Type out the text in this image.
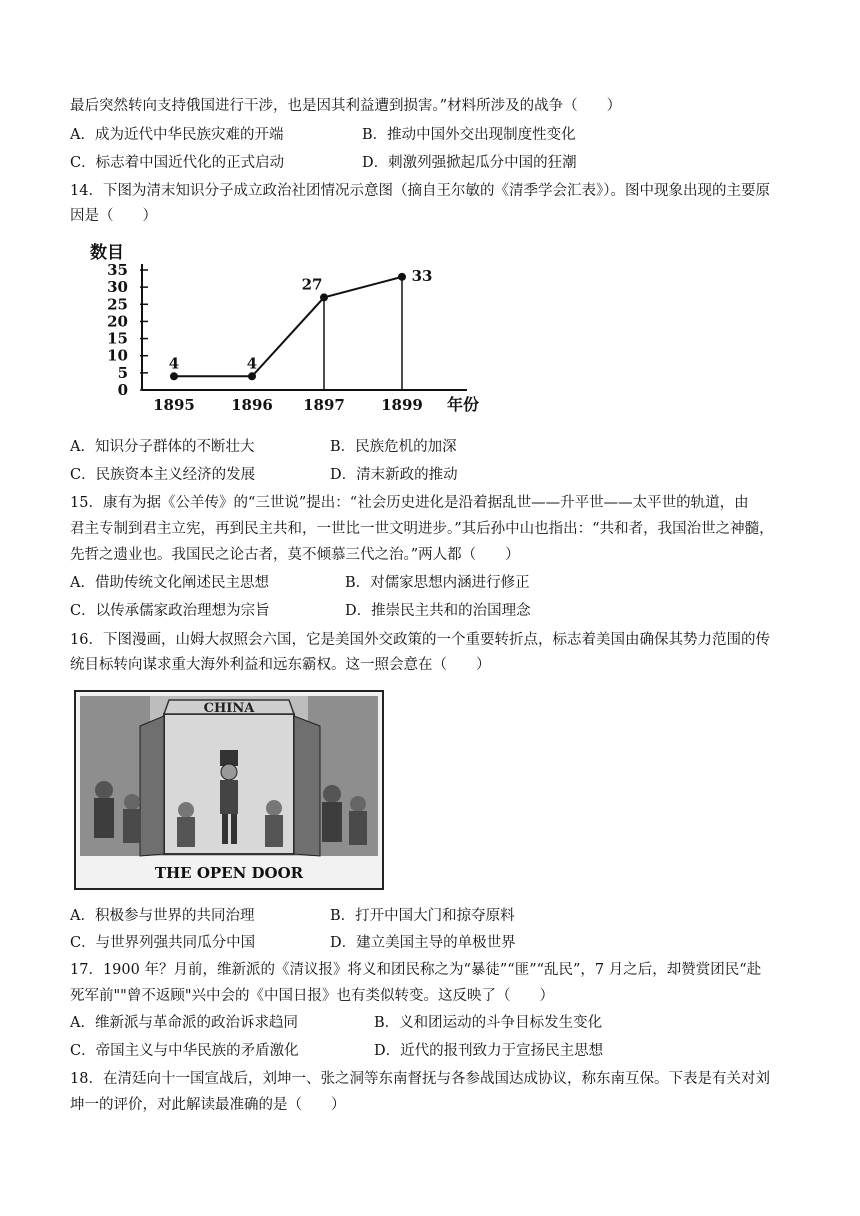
最后突然转向支持俄国进行干涉，也是因其利益遭到损害。”材料所涉及的战争（　　）
A．成为近代中华民族灾难的开端	B．推动中国外交出现制度性变化
C．标志着中国近代化的正式启动	D．刺激列强掀起瓜分中国的狂潮
14．下图为清末知识分子成立政治社团情况示意图（摘自王尔敏的《清季学会汇表》）。图中现象出现的主要原
因是（　　）
数目
35
30
25
20
15
10
5
0
1895 1896 1897 1899 年份
4	4
27	33
A．知识分子群体的不断壮大	B．民族危机的加深
C．民族资本主义经济的发展	D．清末新政的推动
15．康有为据《公羊传》的“三世说”提出：“社会历史进化是沿着据乱世——升平世——太平世的轨道，由
君主专制到君主立宪，再到民主共和，一世比一世文明进步。”其后孙中山也指出：“共和者，我国治世之神髓，
先哲之遗业也。我国民之论古者，莫不倾慕三代之治。”两人都（　　）
A．借助传统文化阐述民主思想	B．对儒家思想内涵进行修正
C．以传承儒家政治理想为宗旨	D．推崇民主共和的治国理念
16．下图漫画，山姆大叔照会六国，它是美国外交政策的一个重要转折点，标志着美国由确保其势力范围的传
统目标转向谋求重大海外利益和远东霸权。这一照会意在（　　）
CHINA
THE OPEN DOOR
A．积极参与世界的共同治理	B．打开中国大门和掠夺原料
C．与世界列强共同瓜分中国	D．建立美国主导的单极世界
17．1900 年？月前，维新派的《清议报》将义和团民称之为“暴徒”“匪”“乱民”，7 月之后，却赞赏团民“赴
死军前""曾不返顾"兴中会的《中国日报》也有类似转变。这反映了（　　）
A．维新派与革命派的政治诉求趋同	B．义和团运动的斗争目标发生变化
C．帝国主义与中华民族的矛盾激化	D．近代的报刊致力于宣扬民主思想
18．在清廷向十一国宣战后，刘坤一、张之洞等东南督抚与各参战国达成协议，称东南互保。下表是有关对刘
坤一的评价，对此解读最准确的是（　　）
